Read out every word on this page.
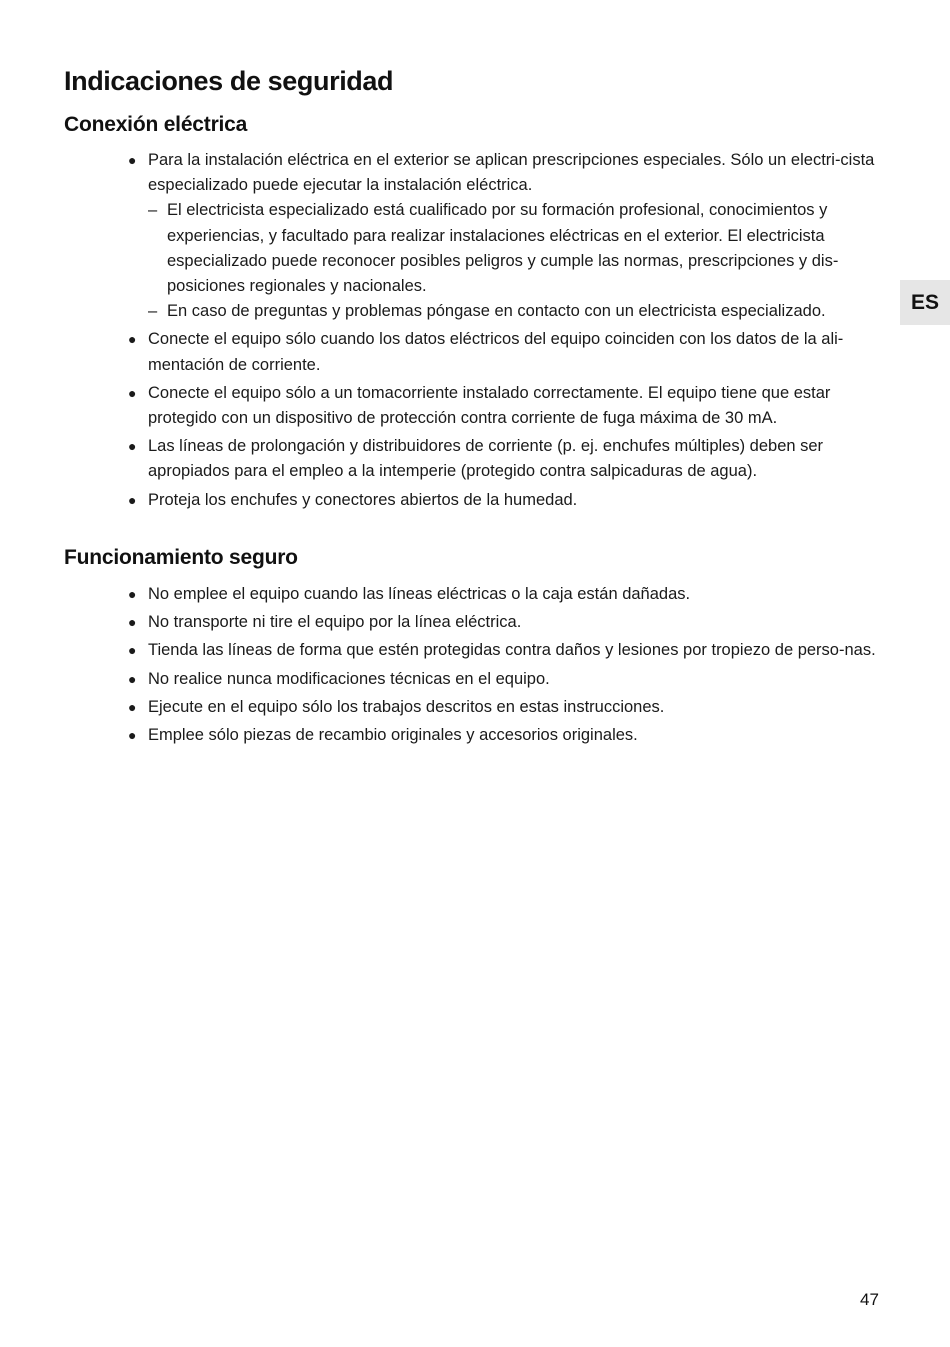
Indicaciones de seguridad
ES
Conexión eléctrica
● Para la instalación eléctrica en el exterior se aplican prescripciones especiales. Sólo un electri-cista especializado puede ejecutar la instalación eléctrica.
– El electricista especializado está cualificado por su formación profesional, conocimientos y experiencias, y facultado para realizar instalaciones eléctricas en el exterior. El electricista especializado puede reconocer posibles peligros y cumple las normas, prescripciones y dis-posiciones regionales y nacionales.
– En caso de preguntas y problemas póngase en contacto con un electricista especializado.
● Conecte el equipo sólo cuando los datos eléctricos del equipo coinciden con los datos de la ali-mentación de corriente.
● Conecte el equipo sólo a un tomacorriente instalado correctamente. El equipo tiene que estar protegido con un dispositivo de protección contra corriente de fuga máxima de 30 mA.
● Las líneas de prolongación y distribuidores de corriente (p. ej. enchufes múltiples) deben ser apropiados para el empleo a la intemperie (protegido contra salpicaduras de agua).
● Proteja los enchufes y conectores abiertos de la humedad.
Funcionamiento seguro
● No emplee el equipo cuando las líneas eléctricas o la caja están dañadas.
● No transporte ni tire el equipo por la línea eléctrica.
● Tienda las líneas de forma que estén protegidas contra daños y lesiones por tropiezo de perso-nas.
● No realice nunca modificaciones técnicas en el equipo.
● Ejecute en el equipo sólo los trabajos descritos en estas instrucciones.
● Emplee sólo piezas de recambio originales y accesorios originales.
47
